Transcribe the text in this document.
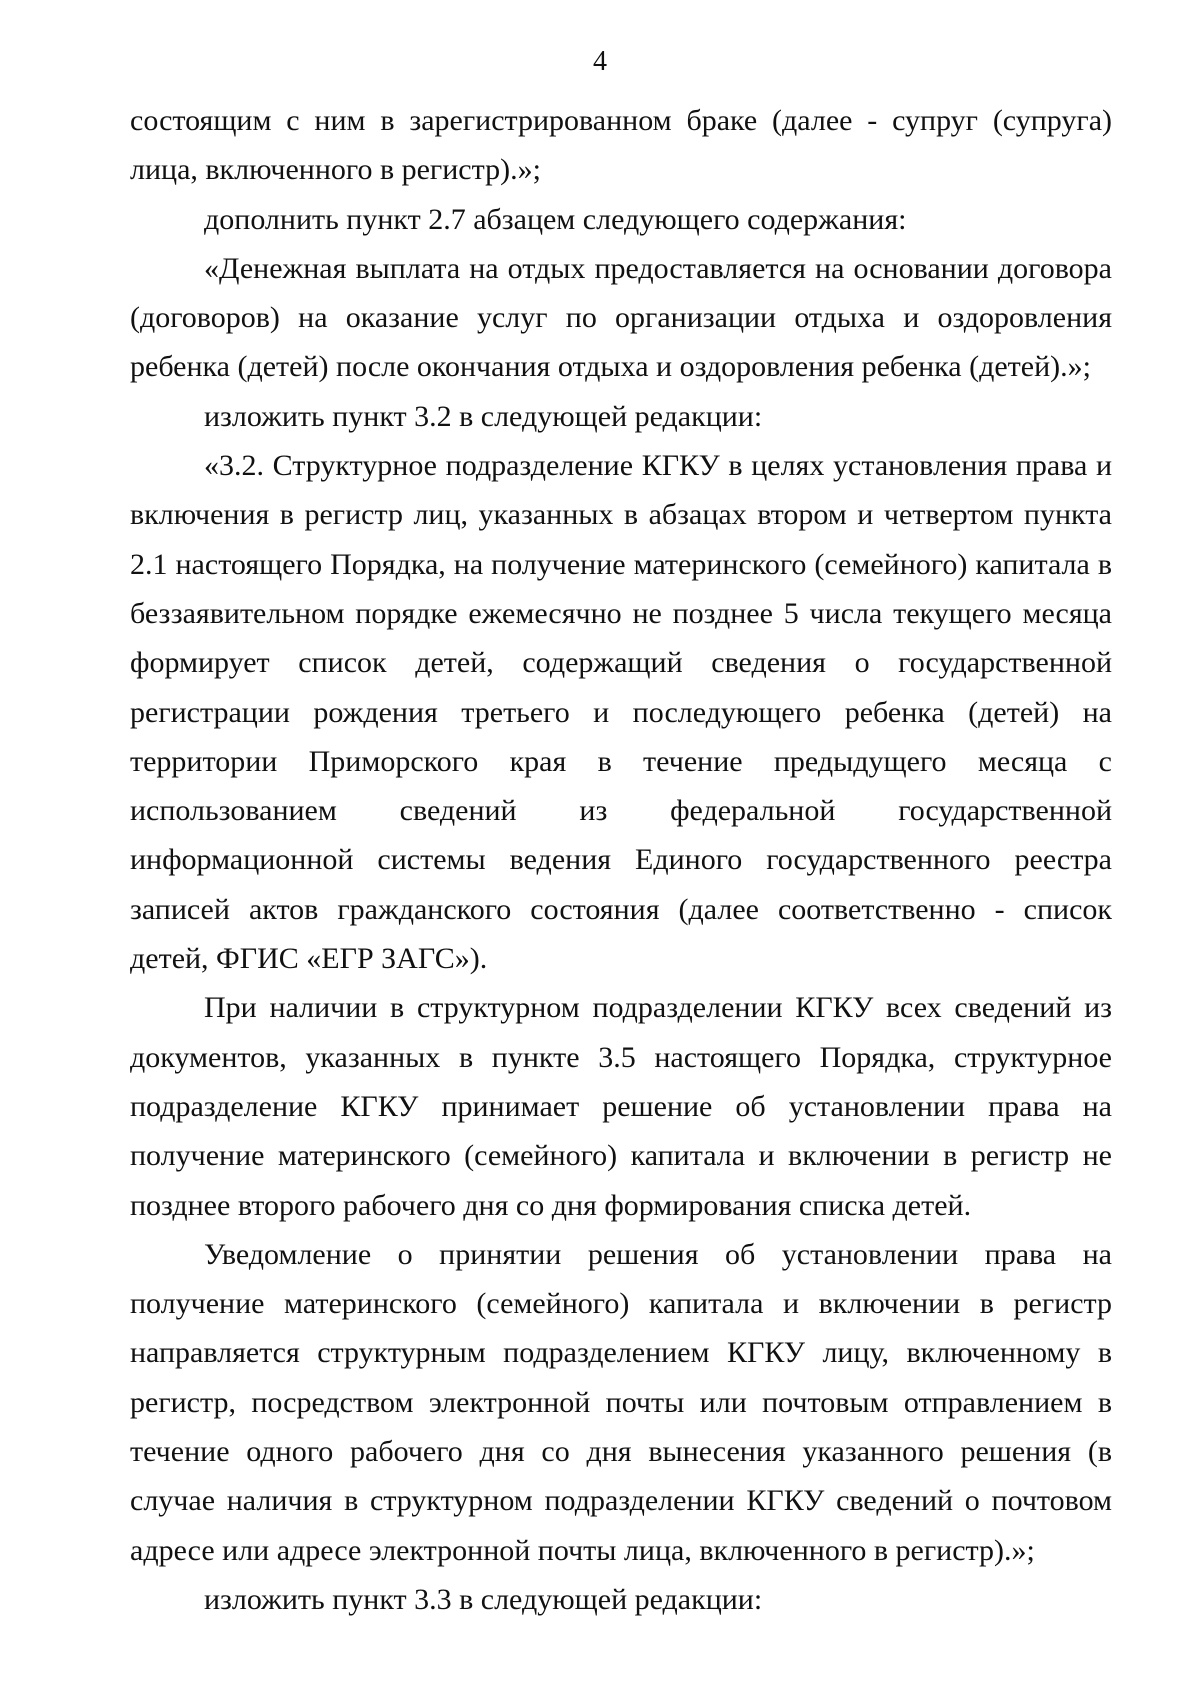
4

состоящим с ним в зарегистрированном браке (далее - супруг (супруга) лица, включенного в регистр).»;

дополнить пункт 2.7 абзацем следующего содержания:

«Денежная выплата на отдых предоставляется на основании договора (договоров) на оказание услуг по организации отдыха и оздоровления ребенка (детей) после окончания отдыха и оздоровления ребенка (детей).»;

изложить пункт 3.2 в следующей редакции:

«3.2. Структурное подразделение КГКУ в целях установления права и включения в регистр лиц, указанных в абзацах втором и четвертом пункта 2.1 настоящего Порядка, на получение материнского (семейного) капитала в беззаявительном порядке ежемесячно не позднее 5 числа текущего месяца формирует список детей, содержащий сведения о государственной регистрации рождения третьего и последующего ребенка (детей) на территории Приморского края в течение предыдущего месяца с использованием сведений из федеральной государственной информационной системы ведения Единого государственного реестра записей актов гражданского состояния (далее соответственно - список детей, ФГИС «ЕГР ЗАГС»).

При наличии в структурном подразделении КГКУ всех сведений из документов, указанных в пункте 3.5 настоящего Порядка, структурное подразделение КГКУ принимает решение об установлении права на получение материнского (семейного) капитала и включении в регистр не позднее второго рабочего дня со дня формирования списка детей.

Уведомление о принятии решения об установлении права на получение материнского (семейного) капитала и включении в регистр направляется структурным подразделением КГКУ лицу, включенному в регистр, посредством электронной почты или почтовым отправлением в течение одного рабочего дня со дня вынесения указанного решения (в случае наличия в структурном подразделении КГКУ сведений о почтовом адресе или адресе электронной почты лица, включенного в регистр).»;

изложить пункт 3.3 в следующей редакции:
